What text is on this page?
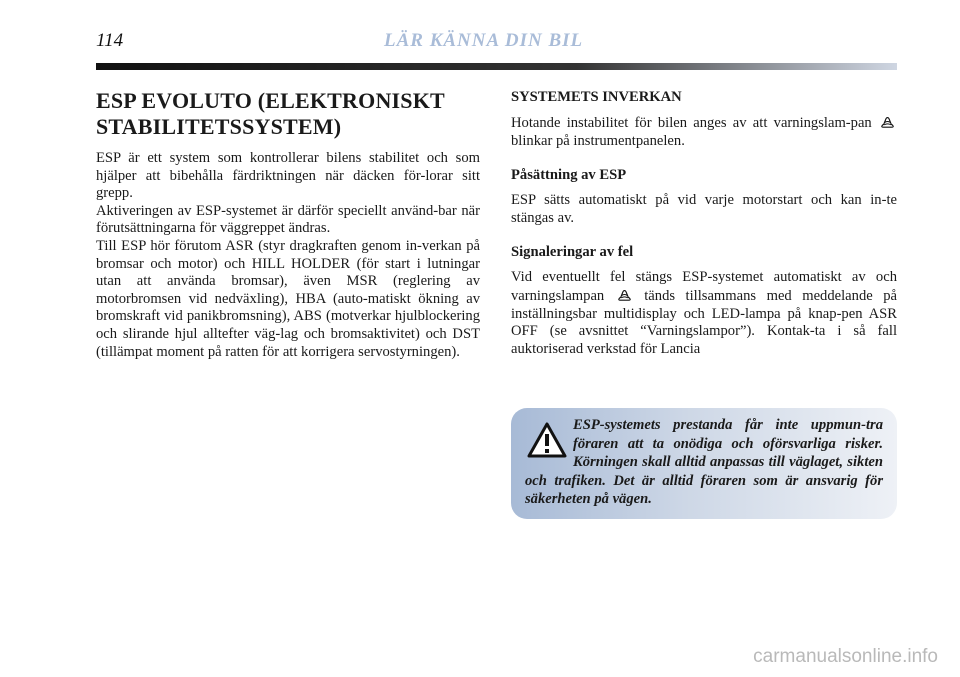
114	LÄR KÄNNA DIN BIL
ESP EVOLUTO (ELEKTRONISKT
STABILITETSSYSTEM)

ESP är ett system som kontrollerar bilens stabilitet och som hjälper att bibehålla färdriktningen när däcken för-lorar sitt grepp.

Aktiveringen av ESP-systemet är därför speciellt använd-bar när förutsättningarna för väggreppet ändras.

Till ESP hör förutom ASR (styr dragkraften genom in-verkan på bromsar och motor) och HILL HOLDER (för start i lutningar utan att använda bromsar), även MSR (reglering av motorbromsen vid nedväxling), HBA (auto-matiskt ökning av bromskraft vid panikbromsning), ABS (motverkar hjulblockering och slirande hjul alltefter väg-lag och bromsaktivitet) och DST (tillämpat moment på ratten för att korrigera servostyrningen).

SYSTEMETS INVERKAN

Hotande instabilitet för bilen anges av att varningslam-pan  blinkar på instrumentpanelen.

Påsättning av ESP

ESP sätts automatiskt på vid varje motorstart och kan in-te stängas av.

Signaleringar av fel

Vid eventuellt fel stängs ESP-systemet automatiskt av och varningslampan	tänds tillsammans med meddelande på inställningsbar multidisplay och LED-lampa på knap-pen ASR OFF (se avsnittet “Varningslampor”). Kontak-ta i så fall auktoriserad verkstad för Lancia

ESP-systemets prestanda får inte uppmun-tra föraren att ta onödiga och oförsvarliga risker. Körningen skall alltid anpassas till väglaget, sikten och trafiken. Det är alltid föraren som är ansvarig för säkerheten på vägen.

carmanualsonline.info
